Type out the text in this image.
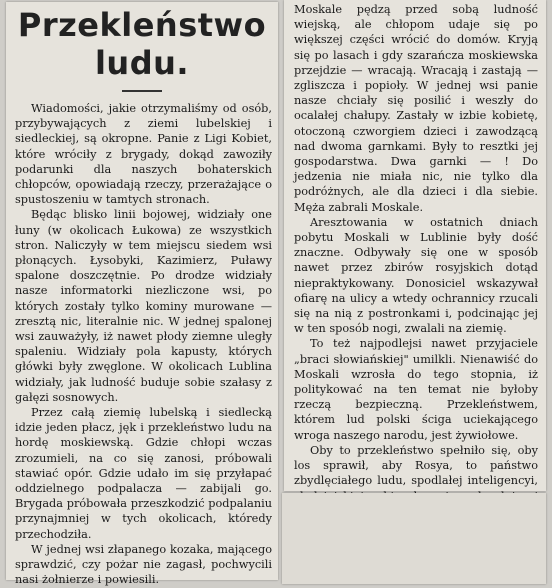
Przekleństwo
ludu.

Wiadomości, jakie otrzymaliśmy od osób, przybywających z ziemi lubelskiej i siedleckiej, są okropne. Panie z Ligi Kobiet, które wróciły z brygady, dokąd zawoziły podarunki dla naszych bohaterskich chłopców, opowiadają rzeczy, przerażające o spustoszeniu w tamtych stronach.

Będąc blisko linii bojowej, widziały one łuny (w okolicach Łukowa) ze wszystkich stron. Naliczyły w tem miejscu siedem wsi płonących. Łysobyki, Kazimierz, Puławy spalone doszczętnie. Po drodze widziały nasze informatorki niezliczone wsi, po których zostały tylko kominy murowane — zresztą nic, literalnie nic. W jednej spalonej wsi zauważyły, iż nawet płody ziemne uległy spaleniu. Widziały pola kapusty, których główki były zwęglone. W okolicach Lublina widziały, jak ludność buduje sobie szałasy z gałęzi sosnowych.

Przez całą ziemię lubelską i siedlecką idzie jeden płacz, jęk i przekleństwo ludu na hordę moskiewską. Gdzie chłopi wczas zrozumieli, na co się zanosi, próbowali stawiać opór. Gdzie udało im się przyłapać oddzielnego podpalacza — zabijali go. Brygada próbowała przeszkodzić podpalaniu przynajmniej w tych okolicach, któredy przechodziła.

W jednej wsi złapanego kozaka, mającego sprawdzić, czy pożar nie zagasł, pochwycili nasi żołnierze i powiesili.

Moskale pędzą przed sobą ludność wiejską, ale chłopom udaje się po większej części wrócić do domów. Kryją się po lasach i gdy szarańcza moskiewska przejdzie — wracają. Wracają i zastają — zgliszcza i popioły. W jednej wsi panie nasze chciały się posilić i weszły do ocalałej chałupy. Zastały w izbie kobietę, otoczoną czworgiem dzieci i zawodzącą nad dwoma garnkami. Były to resztki jej gospodarstwa. Dwa garnki — ! Do jedzenia nie miała nic, nie tylko dla podróżnych, ale dla dzieci i dla siebie. Męża zabrali Moskale.

Aresztowania w ostatnich dniach pobytu Moskali w Lublinie były dość znaczne. Odbywały się one w sposób nawet przez zbirów rosyjskich dotąd niepraktykowany. Donosiciel wskazywał ofiarę na ulicy a wtedy ochrannicy rzucali się na nią z postronkami i, podcinając jej w ten sposób nogi, zwalali na ziemię.

To też najpodlejsi nawet przyjaciele „braci słowiańskiej" umilkli. Nienawiść do Moskali wzrosła do tego stopnia, iż politykować na ten temat nie byłoby rzeczą bezpieczną. Przekleństwem, którem lud polski ściga uciekającego wroga naszego narodu, jest żywiołowe.

Oby to przekleństwo spełniło się, oby los sprawił, aby Rosya, to państwo zbydlęciałego ludu, spodlałej inteligencyi,
